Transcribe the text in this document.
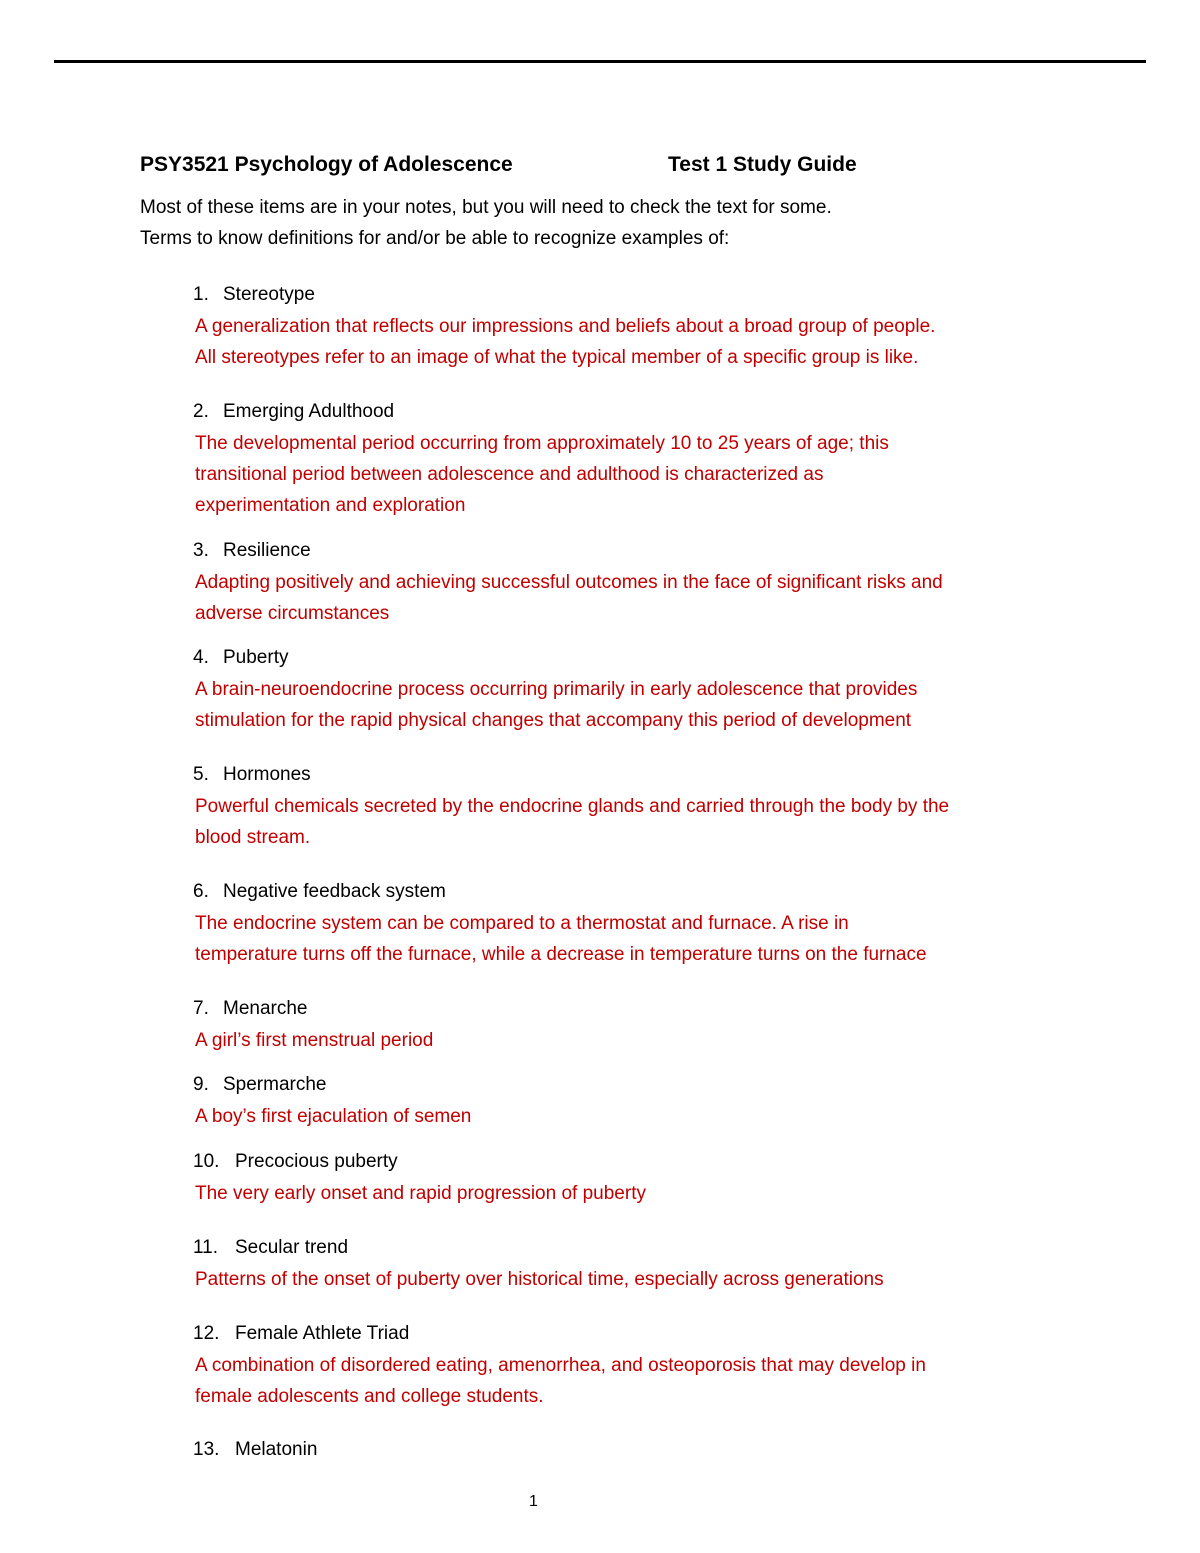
PSY3521 Psychology of Adolescence	Test 1 Study Guide
Most of these items are in your notes, but you will need to check the text for some.
Terms to know definitions for and/or be able to recognize examples of:
1. Stereotype
A generalization that reflects our impressions and beliefs about a broad group of people.
All stereotypes refer to an image of what the typical member of a specific group is like.
2. Emerging Adulthood
The developmental period occurring from approximately 10 to 25 years of age; this
transitional period between adolescence and adulthood is characterized as
experimentation and exploration
3. Resilience
Adapting positively and achieving successful outcomes in the face of significant risks and
adverse circumstances
4. Puberty
A brain-neuroendocrine process occurring primarily in early adolescence that provides
stimulation for the rapid physical changes that accompany this period of development
5. Hormones
Powerful chemicals secreted by the endocrine glands and carried through the body by the
blood stream.
6. Negative feedback system
The endocrine system can be compared to a thermostat and furnace. A rise in
temperature turns off the furnace, while a decrease in temperature turns on the furnace
7. Menarche
A girl’s first menstrual period
9. Spermarche
A boy’s first ejaculation of semen
10. Precocious puberty
The very early onset and rapid progression of puberty
11. Secular trend
Patterns of the onset of puberty over historical time, especially across generations
12. Female Athlete Triad
A combination of disordered eating, amenorrhea, and osteoporosis that may develop in
female adolescents and college students.
13. Melatonin
1
